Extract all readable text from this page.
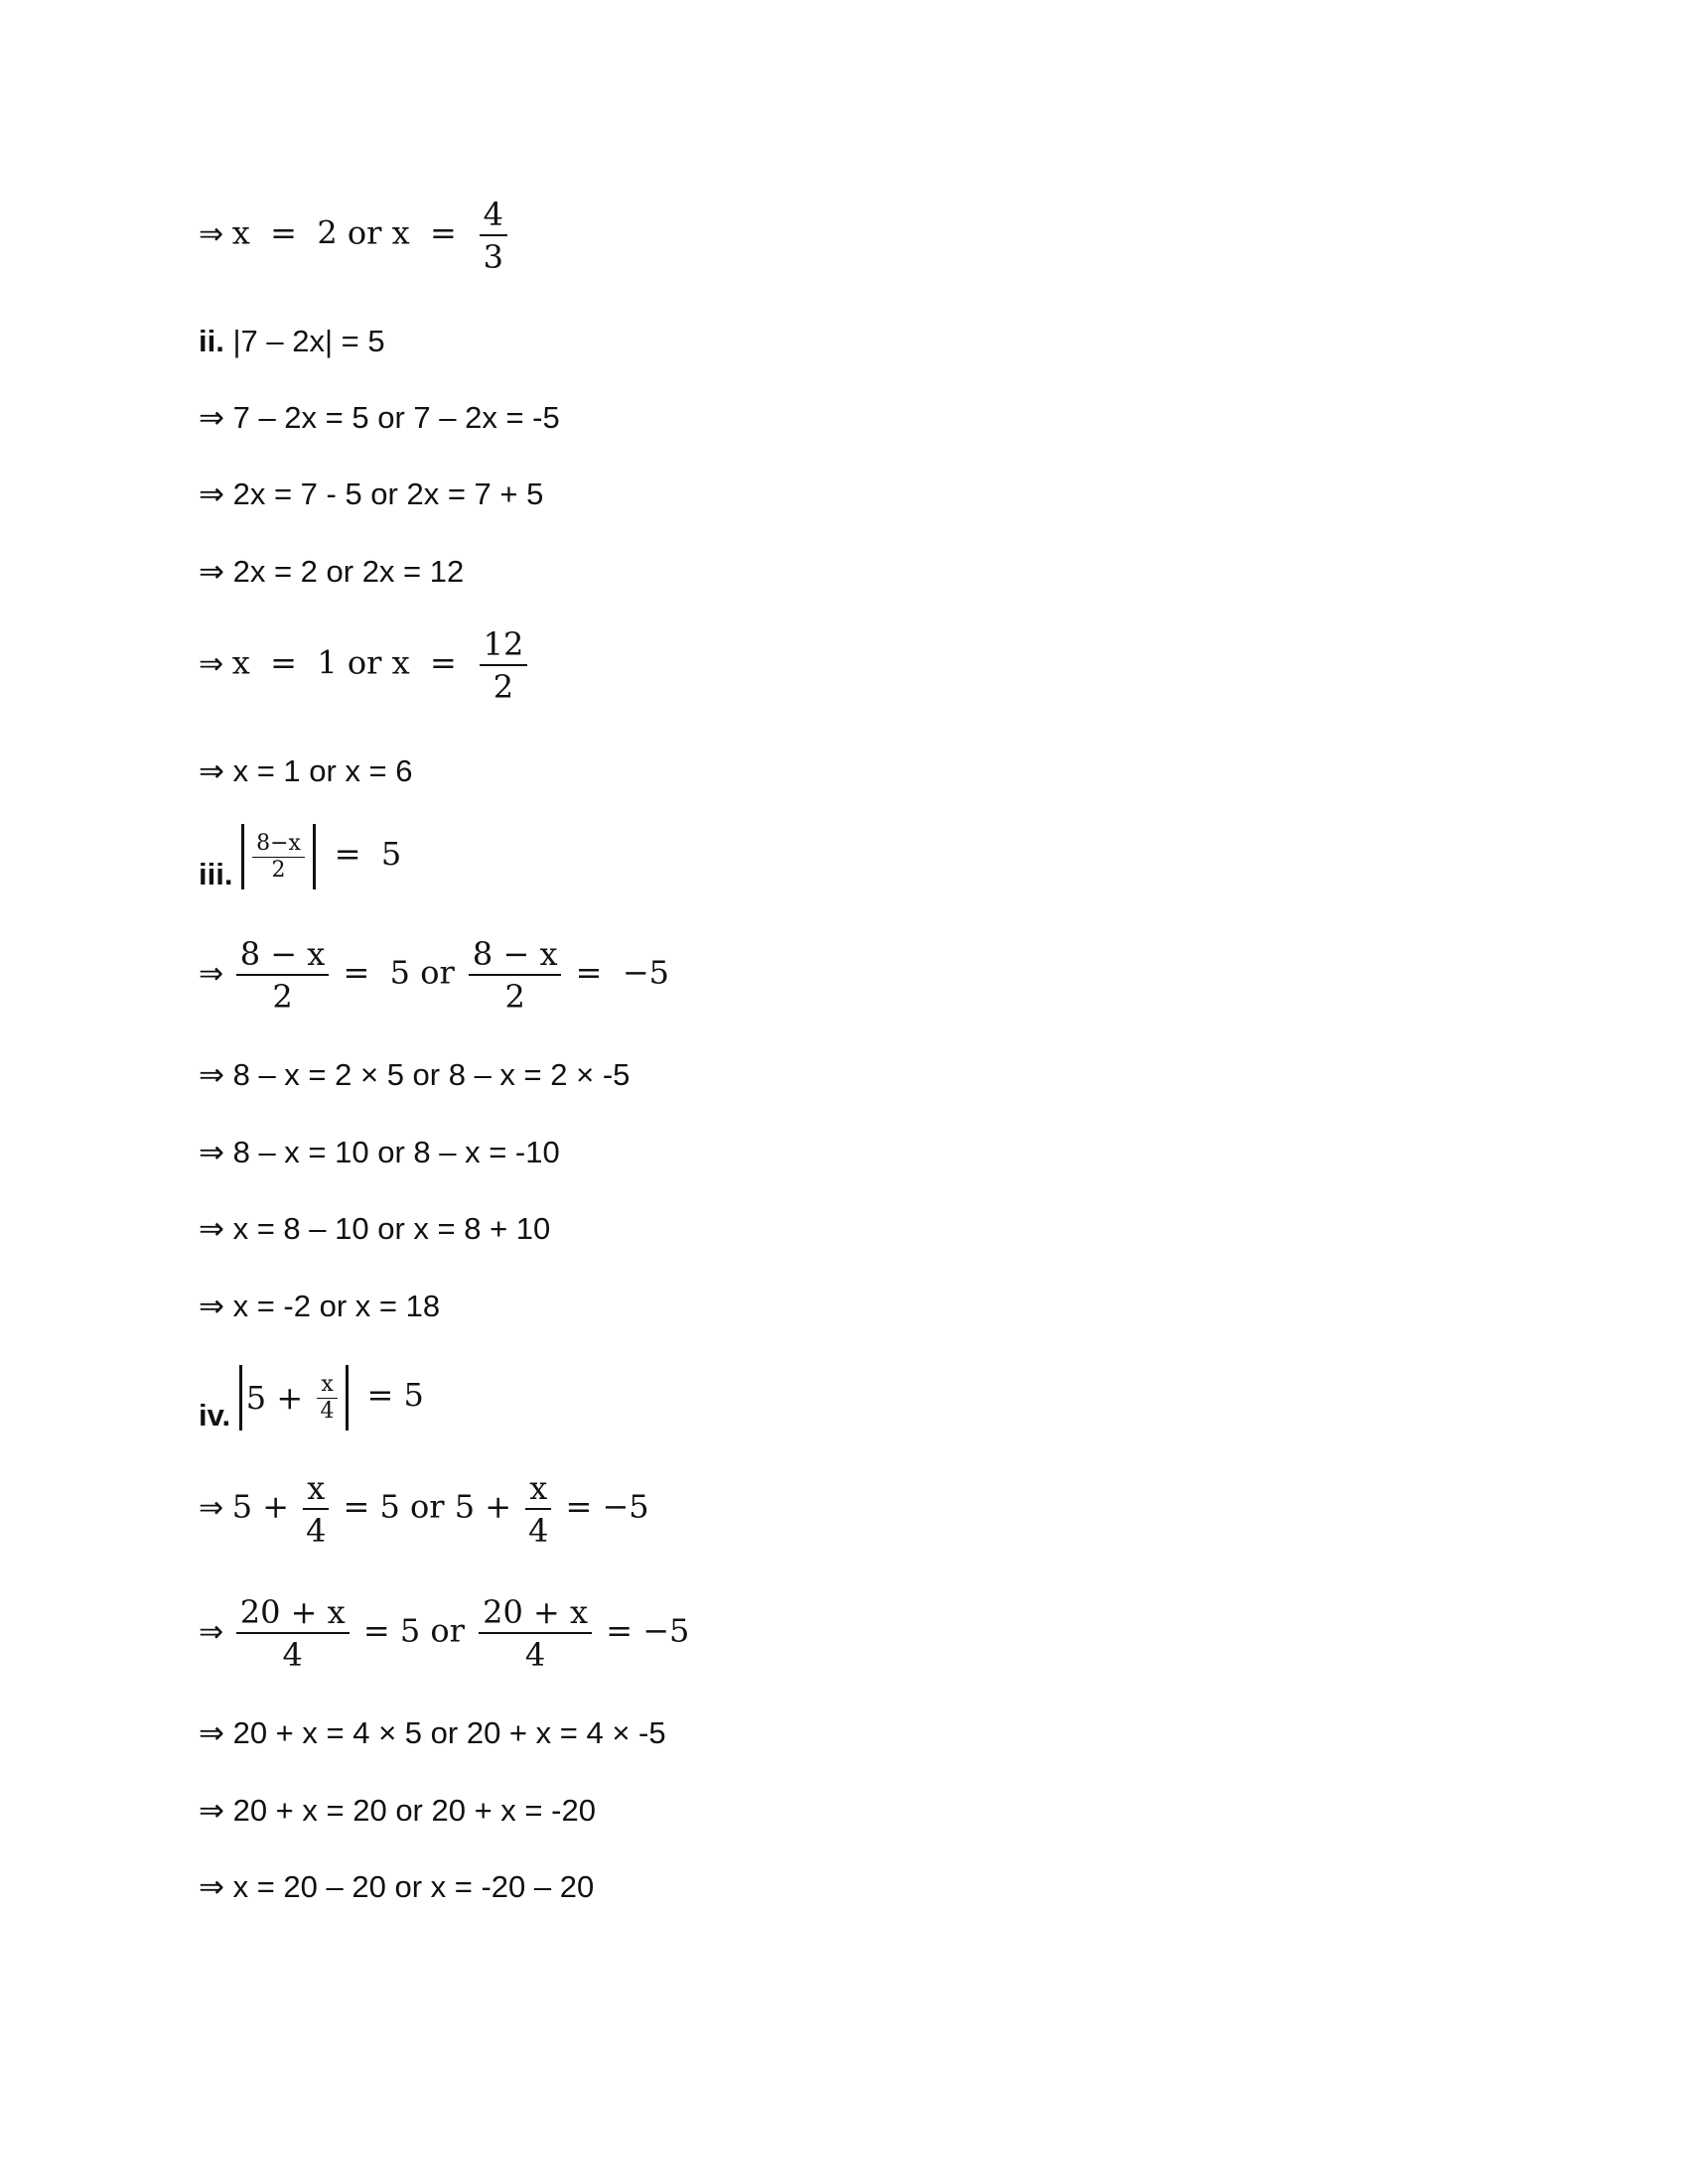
⇒ x  =  2 or $x = \frac{4}{3}$
ii. |7 – 2x| = 5
⇒ 7 – 2x = 5 or 7 – 2x = -5
⇒ 2x = 7 - 5 or 2x = 7 + 5
⇒ 2x = 2 or 2x = 12
⇒ x  =  1 or $x = \frac{12}{2}$
⇒ x = 1 or x = 6
iii. $\frac{8-x}{2} = 5$
⇒ $\frac{8 - x}{2} = 5$ or $\frac{8 - x}{2} = -5$
⇒ 8 – x = 2 × 5 or 8 – x = 2 × -5
⇒ 8 – x = 10 or 8 – x = -10
⇒ x = 8 – 10 or x = 8 + 10
⇒ x = -2 or x = 18
iv. $5 + \frac{x}{4} = 5$
⇒ $5 + \frac{x}{4} = 5$ or $5 + \frac{x}{4} = -5$
⇒ $\frac{20 + x}{4} = 5$ or $\frac{20 + x}{4} = -5$
⇒ 20 + x = 4 × 5 or 20 + x = 4 × -5
⇒ 20 + x = 20 or 20 + x = -20
⇒ x = 20 – 20 or x = -20 – 20
